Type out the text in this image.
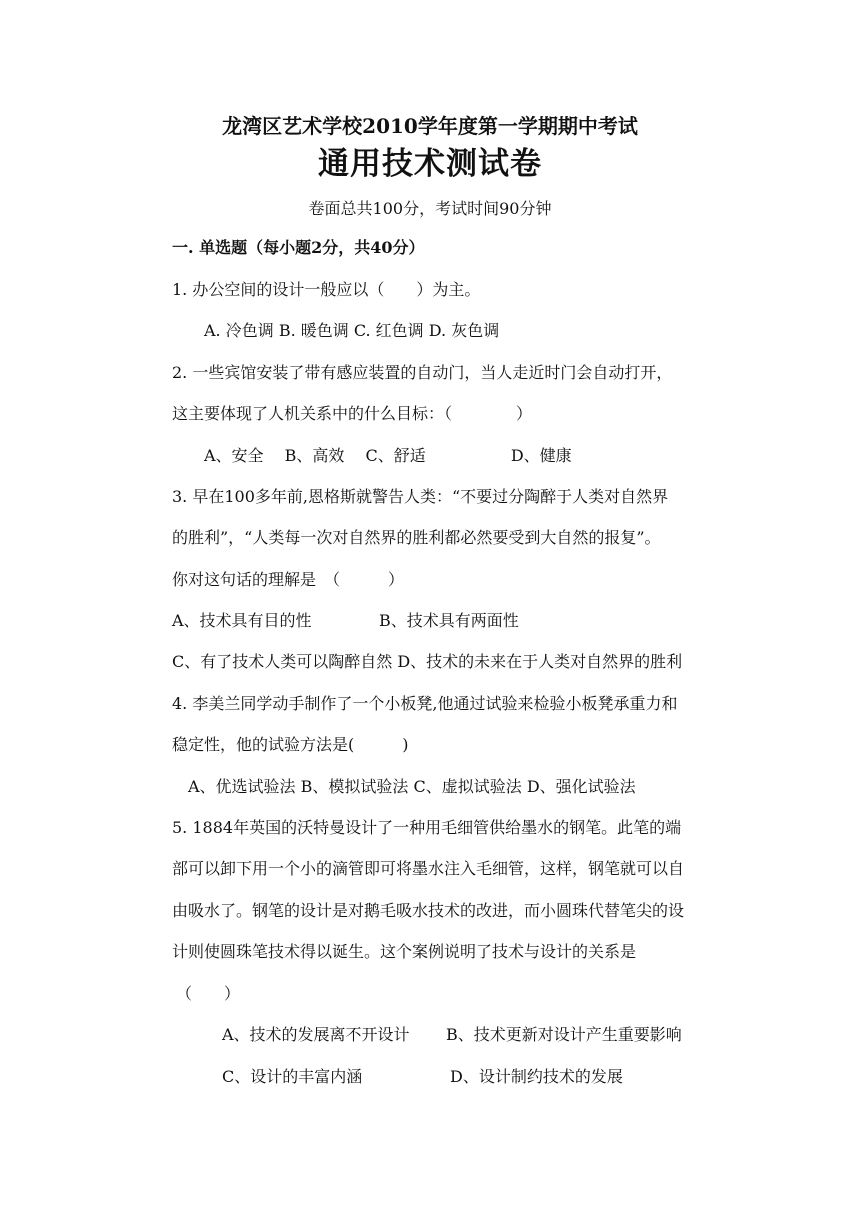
龙湾区艺术学校2010学年度第一学期期中考试
通用技术测试卷
卷面总共100分，考试时间90分钟
一. 单选题（每小题2分，共40分）
1. 办公空间的设计一般应以（　　）为主。
A. 冷色调 B. 暖色调 C. 红色调 D. 灰色调
2. 一些宾馆安装了带有感应装置的自动门，当人走近时门会自动打开，
这主要体现了人机关系中的什么目标：（　　　　）
A、安全　 B、高效　 C、舒适　　　　　 D、健康
3. 早在100多年前,恩格斯就警告人类：“不要过分陶醉于人类对自然界
的胜利”，“人类每一次对自然界的胜利都必然要受到大自然的报复”。
你对这句话的理解是　（　　　）
A、技术具有目的性	B、技术具有两面性
C、有了技术人类可以陶醉自然 D、技术的未来在于人类对自然界的胜利
4. 李美兰同学动手制作了一个小板凳,他通过试验来检验小板凳承重力和
稳定性，他的试验方法是(　　　)
A、优选试验法 B、模拟试验法 C、虚拟试验法 D、强化试验法
5. 1884年英国的沃特曼设计了一种用毛细管供给墨水的钢笔。此笔的端
部可以卸下用一个小的滴管即可将墨水注入毛细管，这样，钢笔就可以自
由吸水了。钢笔的设计是对鹅毛吸水技术的改进，而小圆珠代替笔尖的设
计则使圆珠笔技术得以诞生。这个案例说明了技术与设计的关系是
（　　）
A、技术的发展离不开设计 B、技术更新对设计产生重要影响
C、设计的丰富内涵	D、设计制约技术的发展
